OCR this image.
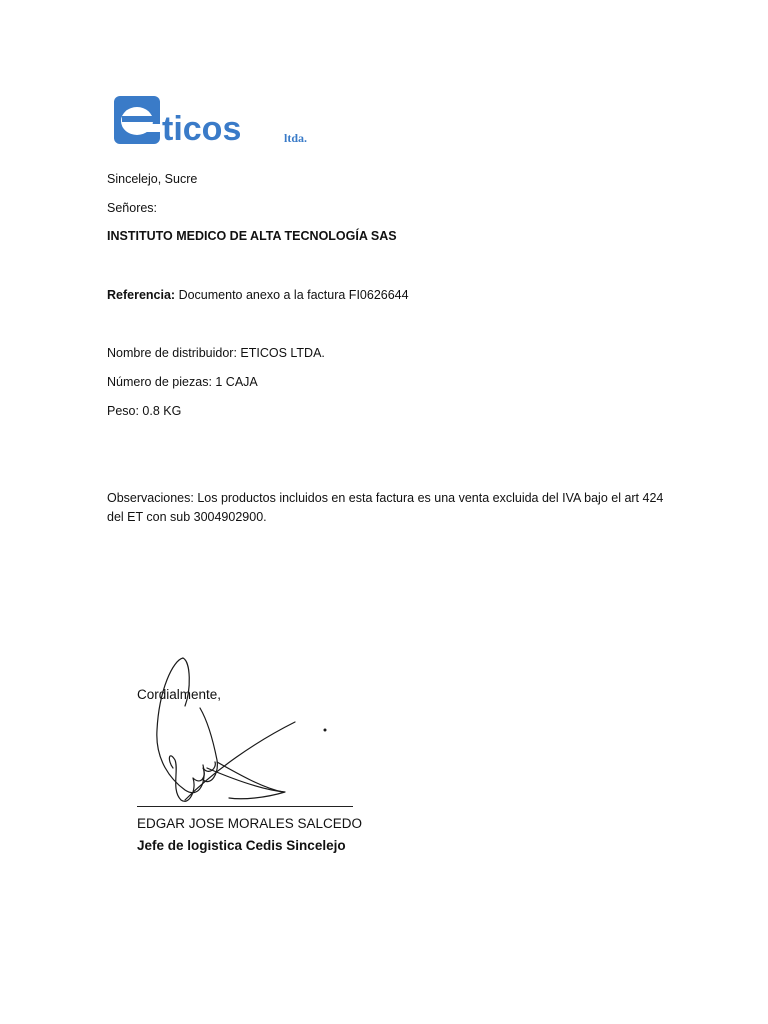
ticos	ltda.
Sincelejo, Sucre
Señores:
INSTITUTO MEDICO DE ALTA TECNOLOGÍA SAS
Referencia: Documento anexo a la factura FI0626644
Nombre de distribuidor: ETICOS LTDA.
Número de piezas: 1 CAJA
Peso: 0.8 KG
Observaciones: Los productos incluidos en esta factura es una venta excluida del IVA bajo el art 424 del ET con sub 3004902900.
Cordialmente,
EDGAR JOSE MORALES SALCEDO
Jefe de logistica Cedis Sincelejo
